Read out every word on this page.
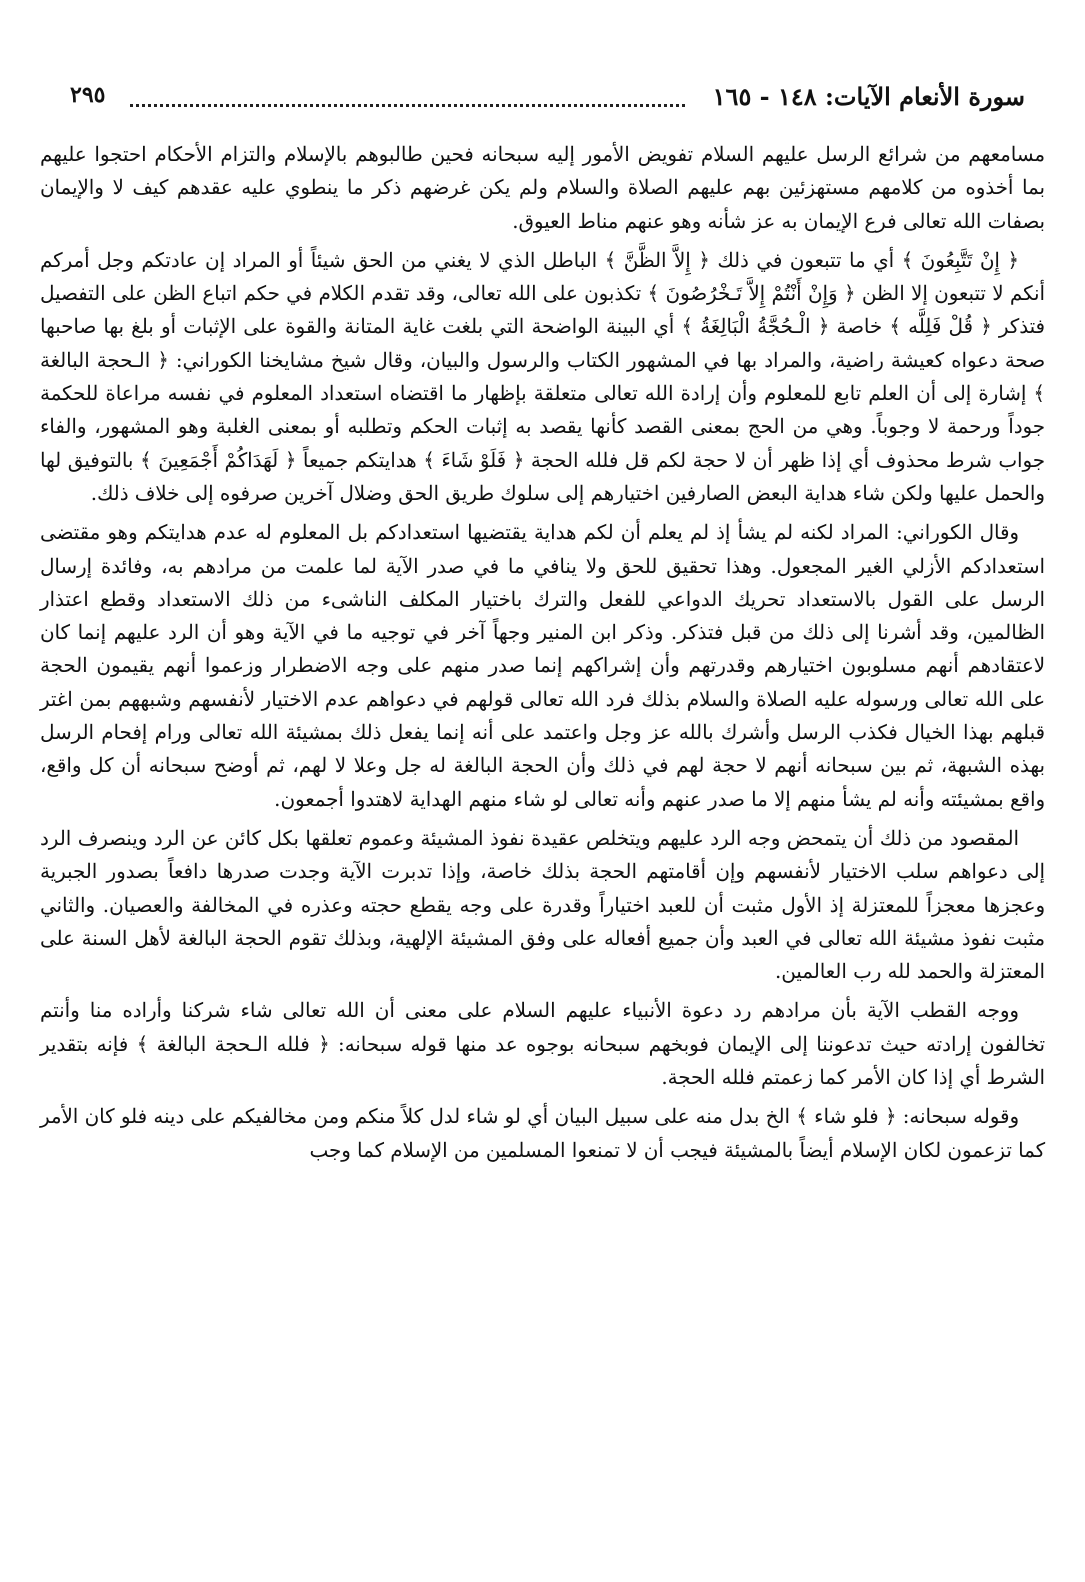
سورة الأنعام الآيات: ١٤٨ - ١٦٥
٢٩٥

مسامعهم من شرائع الرسل عليهم السلام تفويض الأمور إليه سبحانه فحين طالبوهم بالإسلام والتزام الأحكام احتجوا عليهم بما أخذوه من كلامهم مستهزئين بهم عليهم الصلاة والسلام ولم يكن غرضهم ذكر ما ينطوي عليه عقدهم كيف لا والإيمان بصفات الله تعالى فرع الإيمان به عز شأنه وهو عنهم مناط العيوق.

﴿ إِنْ تَتَّبِعُونَ ﴾ أي ما تتبعون في ذلك ﴿ إِلاَّ الظَّنَّ ﴾ الباطل الذي لا يغني من الحق شيئاً أو المراد إن عادتكم وجل أمركم أنكم لا تتبعون إلا الظن ﴿ وَإِنْ أَنْتُمْ إِلاَّ تَـخْرُصُونَ ﴾ تكذبون على الله تعالى، وقد تقدم الكلام في حكم اتباع الظن على التفصيل فتذكر ﴿ قُلْ فَلِلَّه ﴾ خاصة ﴿ الْـحُجَّةُ الْبَالِغَةُ ﴾ أي البينة الواضحة التي بلغت غاية المتانة والقوة على الإثبات أو بلغ بها صاحبها صحة دعواه كعيشة راضية، والمراد بها في المشهور الكتاب والرسول والبيان، وقال شيخ مشايخنا الكوراني: ﴿ الـحجة البالغة ﴾ إشارة إلى أن العلم تابع للمعلوم وأن إرادة الله تعالى متعلقة بإظهار ما اقتضاه استعداد المعلوم في نفسه مراعاة للحكمة جوداً ورحمة لا وجوباً. وهي من الحج بمعنى القصد كأنها يقصد به إثبات الحكم وتطلبه أو بمعنى الغلبة وهو المشهور، والفاء جواب شرط محذوف أي إذا ظهر أن لا حجة لكم قل فلله الحجة ﴿ فَلَوْ شَاءَ ﴾ هدايتكم جميعاً ﴿ لَهَدَاكُمْ أَجْمَعِينَ ﴾ بالتوفيق لها والحمل عليها ولكن شاء هداية البعض الصارفين اختيارهم إلى سلوك طريق الحق وضلال آخرين صرفوه إلى خلاف ذلك.

وقال الكوراني: المراد لكنه لم يشأ إذ لم يعلم أن لكم هداية يقتضيها استعدادكم بل المعلوم له عدم هدايتكم وهو مقتضى استعدادكم الأزلي الغير المجعول. وهذا تحقيق للحق ولا ينافي ما في صدر الآية لما علمت من مرادهم به، وفائدة إرسال الرسل على القول بالاستعداد تحريك الدواعي للفعل والترك باختيار المكلف الناشىء من ذلك الاستعداد وقطع اعتذار الظالمين، وقد أشرنا إلى ذلك من قبل فتذكر. وذكر ابن المنير وجهاً آخر في توجيه ما في الآية وهو أن الرد عليهم إنما كان لاعتقادهم أنهم مسلوبون اختيارهم وقدرتهم وأن إشراكهم إنما صدر منهم على وجه الاضطرار وزعموا أنهم يقيمون الحجة على الله تعالى ورسوله عليه الصلاة والسلام بذلك فرد الله تعالى قولهم في دعواهم عدم الاختيار لأنفسهم وشبههم بمن اغتر قبلهم بهذا الخيال فكذب الرسل وأشرك بالله عز وجل واعتمد على أنه إنما يفعل ذلك بمشيئة الله تعالى ورام إفحام الرسل بهذه الشبهة، ثم بين سبحانه أنهم لا حجة لهم في ذلك وأن الحجة البالغة له جل وعلا لا لهم، ثم أوضح سبحانه أن كل واقع، واقع بمشيئته وأنه لم يشأ منهم إلا ما صدر عنهم وأنه تعالى لو شاء منهم الهداية لاهتدوا أجمعون.

المقصود من ذلك أن يتمحض وجه الرد عليهم ويتخلص عقيدة نفوذ المشيئة وعموم تعلقها بكل كائن عن الرد وينصرف الرد إلى دعواهم سلب الاختيار لأنفسهم وإن أقامتهم الحجة بذلك خاصة، وإذا تدبرت الآية وجدت صدرها دافعاً بصدور الجبرية وعجزها معجزاً للمعتزلة إذ الأول مثبت أن للعبد اختياراً وقدرة على وجه يقطع حجته وعذره في المخالفة والعصيان. والثاني مثبت نفوذ مشيئة الله تعالى في العبد وأن جميع أفعاله على وفق المشيئة الإلهية، وبذلك تقوم الحجة البالغة لأهل السنة على المعتزلة والحمد لله رب العالمين.

ووجه القطب الآية بأن مرادهم رد دعوة الأنبياء عليهم السلام على معنى أن الله تعالى شاء شركنا وأراده منا وأنتم تخالفون إرادته حيث تدعوننا إلى الإيمان فوبخهم سبحانه بوجوه عد منها قوله سبحانه: ﴿ فلله الـحجة البالغة ﴾ فإنه بتقدير الشرط أي إذا كان الأمر كما زعمتم فلله الحجة.

وقوله سبحانه: ﴿ فلو شاء ﴾ الخ بدل منه على سبيل البيان أي لو شاء لدل كلاً منكم ومن مخالفيكم على دينه فلو كان الأمر كما تزعمون لكان الإسلام أيضاً بالمشيئة فيجب أن لا تمنعوا المسلمين من الإسلام كما وجب
